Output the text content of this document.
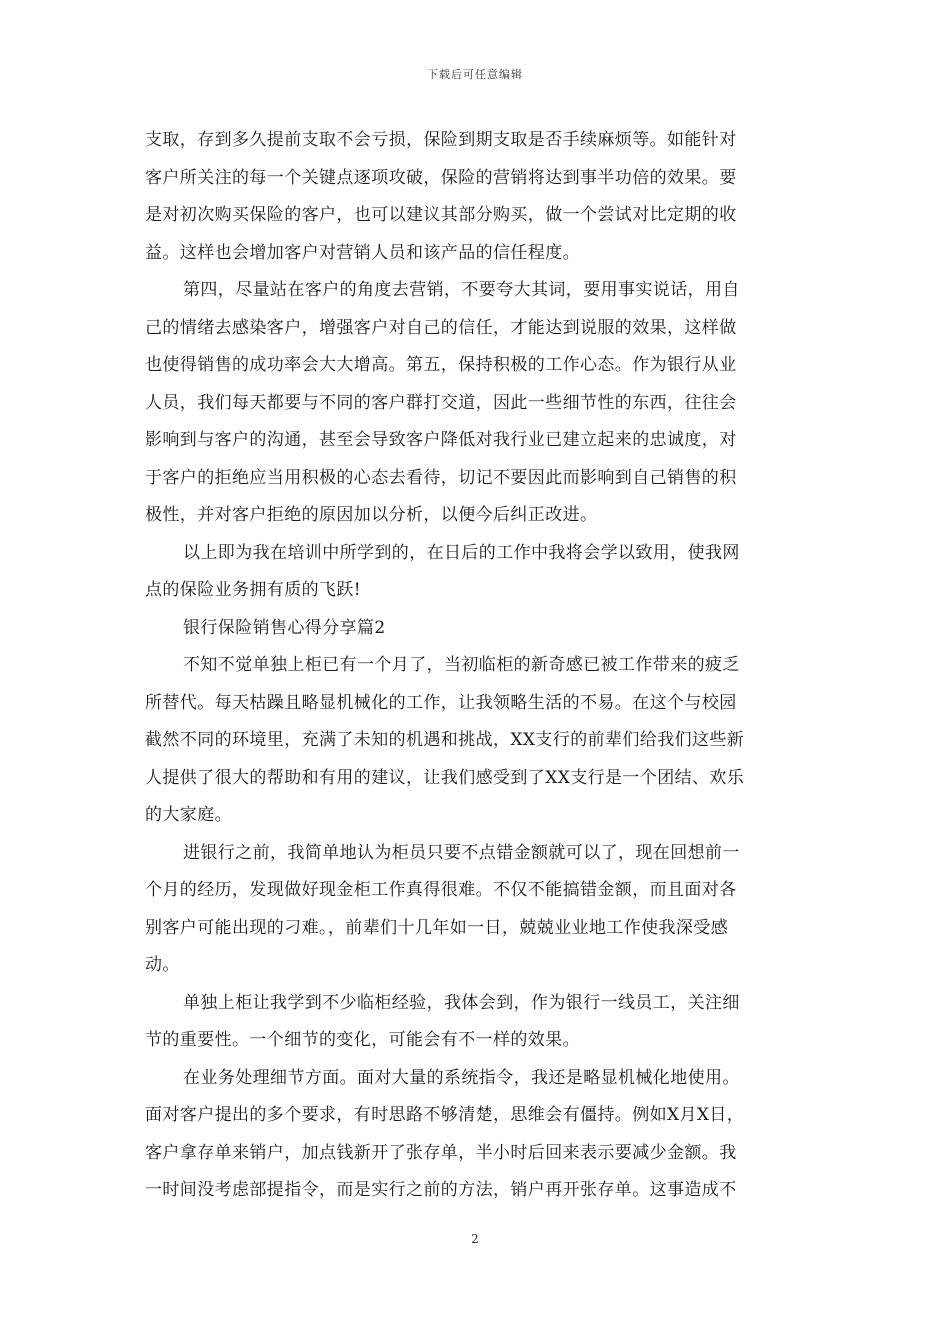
下载后可任意编辑
支取，存到多久提前支取不会亏损，保险到期支取是否手续麻烦等。如能针对
客户所关注的每一个关键点逐项攻破，保险的营销将达到事半功倍的效果。要
是对初次购买保险的客户，也可以建议其部分购买，做一个尝试对比定期的收
益。这样也会增加客户对营销人员和该产品的信任程度。
第四，尽量站在客户的角度去营销，不要夸大其词，要用事实说话，用自
己的情绪去感染客户，增强客户对自己的信任，才能达到说服的效果，这样做
也使得销售的成功率会大大增高。第五，保持积极的工作心态。作为银行从业
人员，我们每天都要与不同的客户群打交道，因此一些细节性的东西，往往会
影响到与客户的沟通，甚至会导致客户降低对我行业已建立起来的忠诚度，对
于客户的拒绝应当用积极的心态去看待，切记不要因此而影响到自己销售的积
极性，并对客户拒绝的原因加以分析，以便今后纠正改进。
以上即为我在培训中所学到的，在日后的工作中我将会学以致用，使我网
点的保险业务拥有质的飞跃!
银行保险销售心得分享篇2
不知不觉单独上柜已有一个月了，当初临柜的新奇感已被工作带来的疲乏
所替代。每天枯躁且略显机械化的工作，让我领略生活的不易。在这个与校园
截然不同的环境里，充满了未知的机遇和挑战，XX支行的前辈们给我们这些新
人提供了很大的帮助和有用的建议，让我们感受到了XX支行是一个团结、欢乐
的大家庭。
进银行之前，我简单地认为柜员只要不点错金额就可以了，现在回想前一
个月的经历，发现做好现金柜工作真得很难。不仅不能搞错金额，而且面对各
别客户可能出现的刁难。，前辈们十几年如一日，兢兢业业地工作使我深受感
动。
单独上柜让我学到不少临柜经验，我体会到，作为银行一线员工，关注细
节的重要性。一个细节的变化，可能会有不一样的效果。
在业务处理细节方面。面对大量的系统指令，我还是略显机械化地使用。
面对客户提出的多个要求，有时思路不够清楚，思维会有僵持。例如X月X日，
客户拿存单来销户，加点钱新开了张存单，半小时后回来表示要减少金额。我
一时间没考虑部提指令，而是实行之前的方法，销户再开张存单。这事造成不
2
